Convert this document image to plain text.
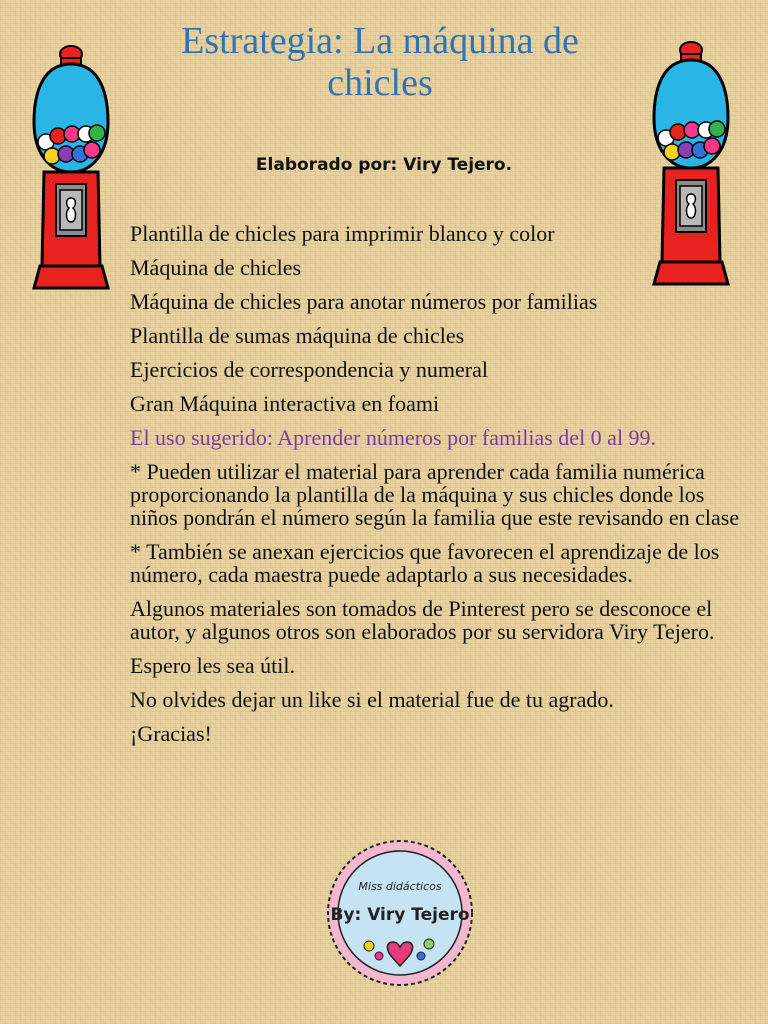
Estrategia: La máquina de
chicles
Elaborado por: Viry Tejero.

Plantilla de chicles para imprimir blanco y color

Máquina de chicles

Máquina de chicles para anotar números por familias

Plantilla de sumas máquina de chicles

Ejercicios de correspondencia y numeral

Gran Máquina interactiva en foami

El uso sugerido: Aprender números por familias del 0 al 99.

* Pueden utilizar el material para aprender cada familia numérica proporcionando la plantilla de la máquina y sus chicles donde los niños pondrán el número según la familia que este revisando en clase

* También se anexan ejercicios que favorecen el aprendizaje de los número, cada maestra puede adaptarlo a sus necesidades.

Algunos materiales son tomados de Pinterest pero se desconoce el autor, y algunos otros son elaborados por su servidora Viry Tejero.

Espero les sea útil.

No olvides dejar un like si el material fue de tu agrado.

¡Gracias!

Miss didácticos
By: Viry Tejero
